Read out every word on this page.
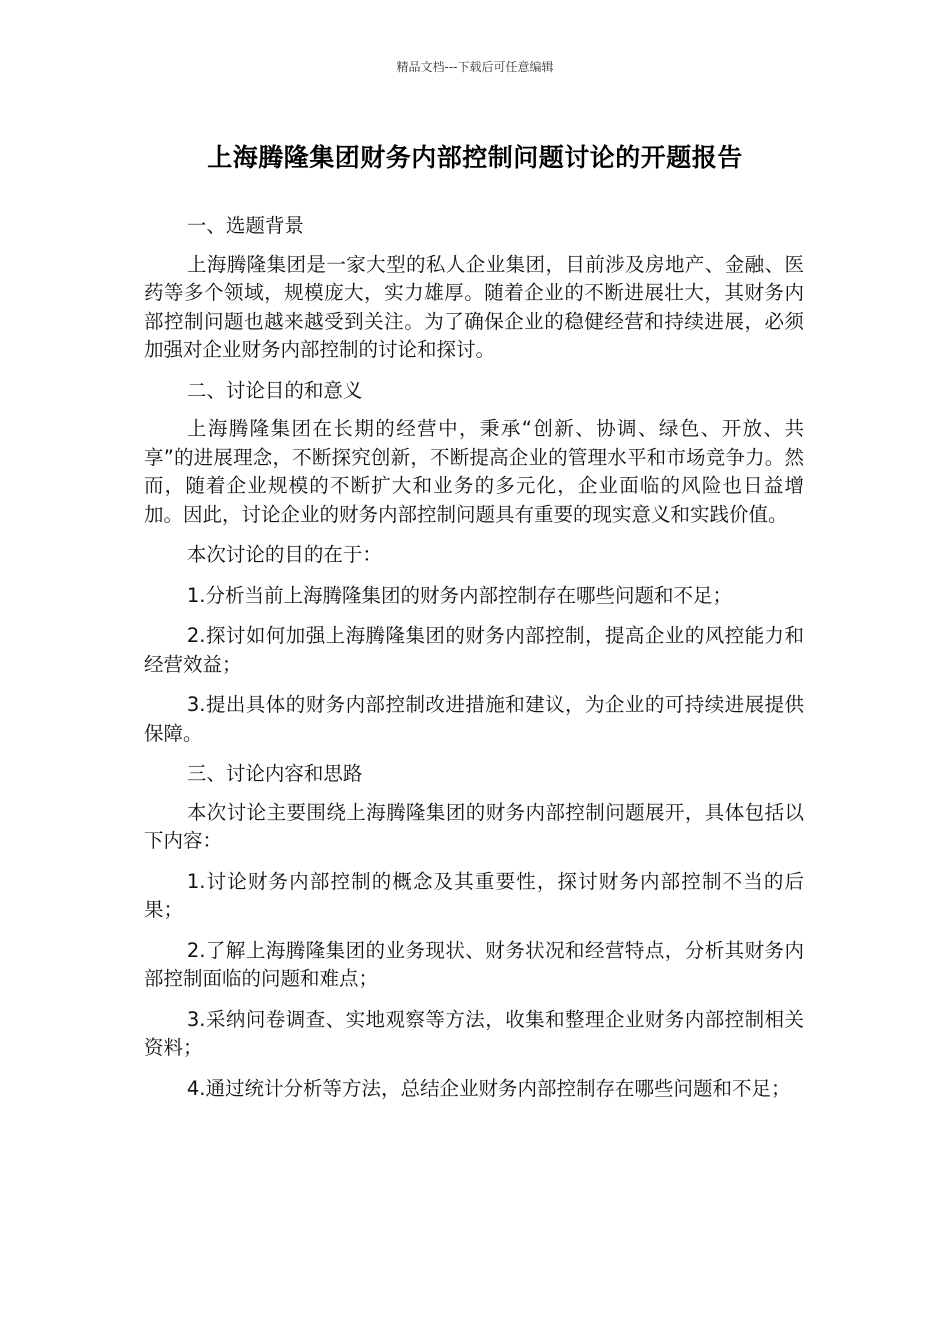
精品文档---下载后可任意编辑
上海腾隆集团财务内部控制问题讨论的开题报告

一、选题背景

上海腾隆集团是一家大型的私人企业集团，目前涉及房地产、金融、医药等多个领域，规模庞大，实力雄厚。随着企业的不断进展壮大，其财务内部控制问题也越来越受到关注。为了确保企业的稳健经营和持续进展，必须加强对企业财务内部控制的讨论和探讨。

二、讨论目的和意义

上海腾隆集团在长期的经营中，秉承“创新、协调、绿色、开放、共享”的进展理念，不断探究创新，不断提高企业的管理水平和市场竞争力。然而，随着企业规模的不断扩大和业务的多元化，企业面临的风险也日益增加。因此，讨论企业的财务内部控制问题具有重要的现实意义和实践价值。

本次讨论的目的在于：

1.分析当前上海腾隆集团的财务内部控制存在哪些问题和不足；

2.探讨如何加强上海腾隆集团的财务内部控制，提高企业的风控能力和经营效益；

3.提出具体的财务内部控制改进措施和建议，为企业的可持续进展提供保障。

三、讨论内容和思路

本次讨论主要围绕上海腾隆集团的财务内部控制问题展开，具体包括以下内容：

1.讨论财务内部控制的概念及其重要性，探讨财务内部控制不当的后果；

2.了解上海腾隆集团的业务现状、财务状况和经营特点，分析其财务内部控制面临的问题和难点；

3.采纳问卷调查、实地观察等方法，收集和整理企业财务内部控制相关资料；

4.通过统计分析等方法，总结企业财务内部控制存在哪些问题和不足；
